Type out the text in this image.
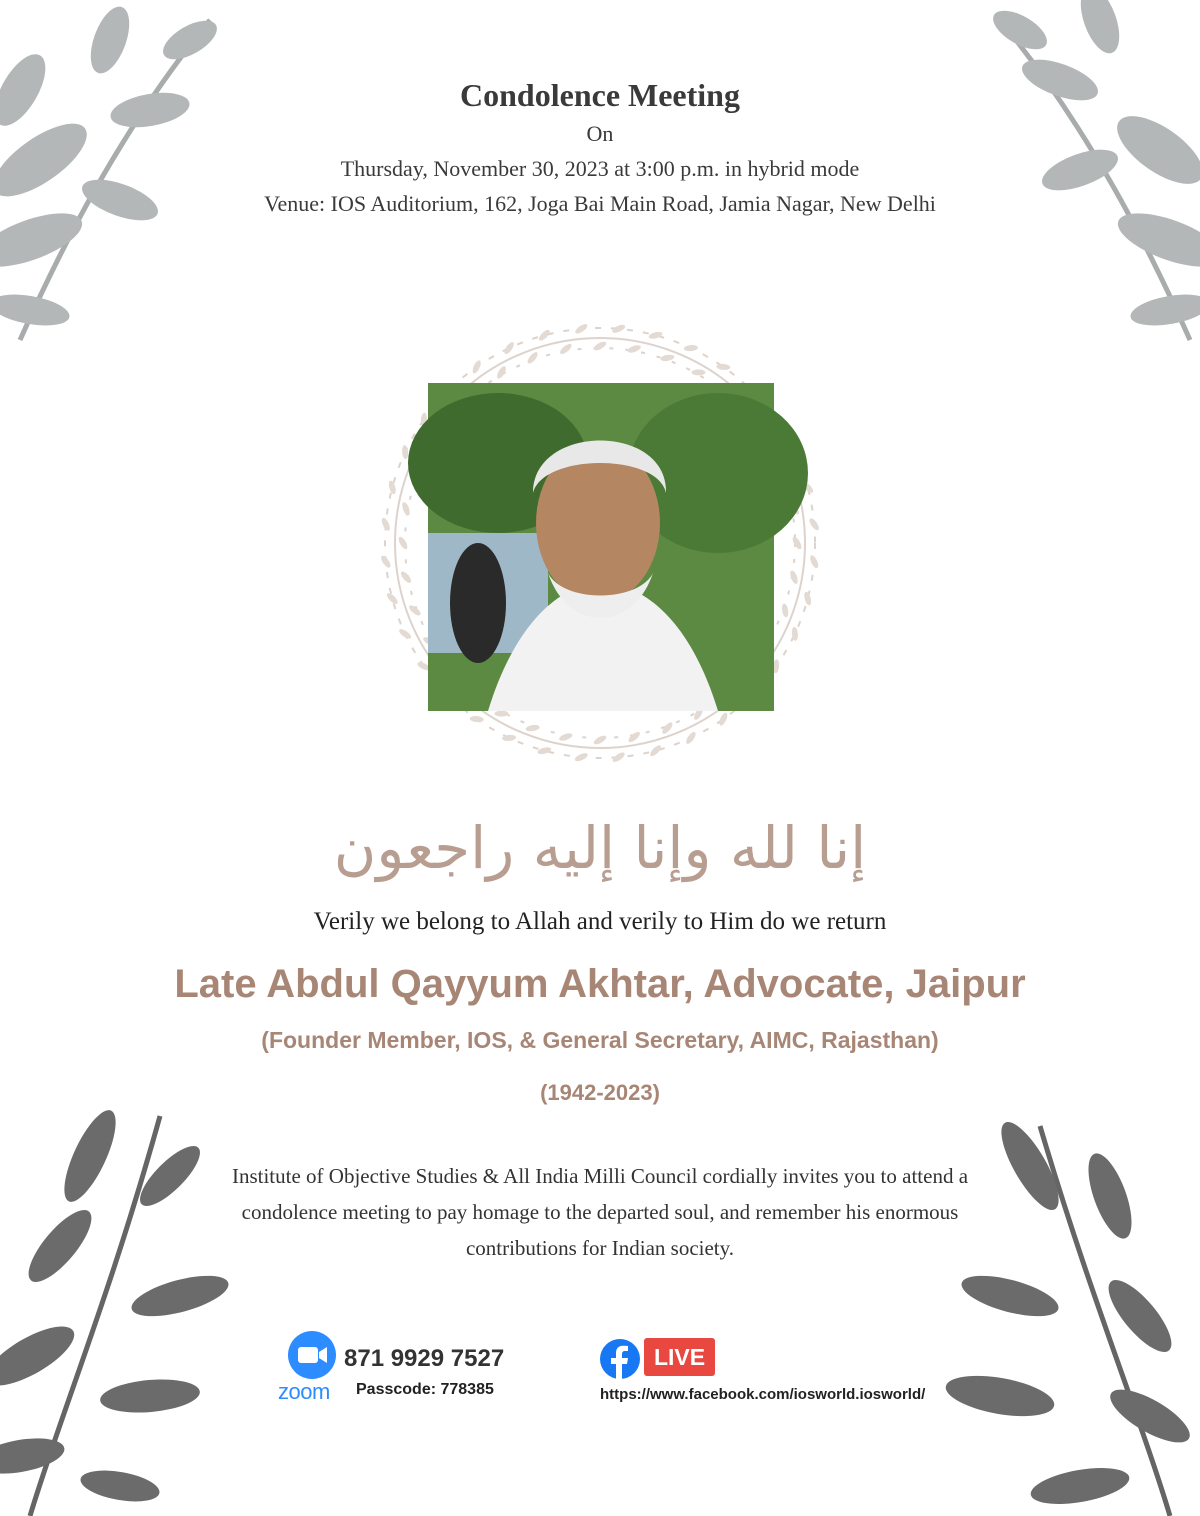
Condolence Meeting
On
Thursday, November 30, 2023 at 3:00 p.m. in hybrid mode
Venue: IOS Auditorium, 162, Joga Bai Main Road, Jamia Nagar, New Delhi
إنا لله وإنا إليه راجعون
Verily we belong to Allah and verily to Him do we return
Late Abdul Qayyum Akhtar, Advocate, Jaipur
(Founder Member, IOS, & General Secretary, AIMC, Rajasthan)
(1942-2023)
Institute of Objective Studies & All India Milli Council cordially invites you to attend a
condolence meeting to pay homage to the departed soul, and remember his enormous
contributions for Indian society.
zoom
871 9929 7527
Passcode: 778385
LIVE
https://www.facebook.com/iosworld.iosworld/
